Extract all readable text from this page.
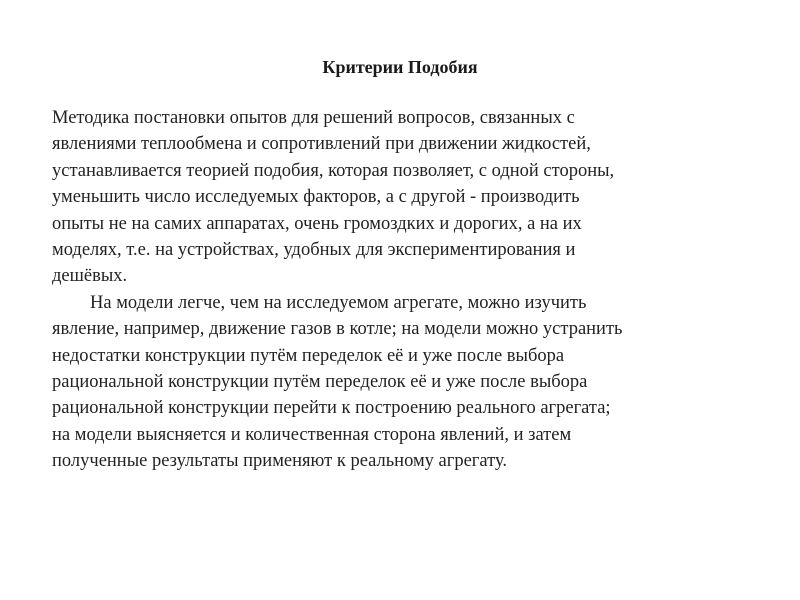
Критерии Подобия
Методика постановки опытов для решений вопросов, связанных с
явлениями теплообмена и сопротивлений при движении жидкостей,
устанавливается теорией подобия, которая позволяет, с одной стороны,
уменьшить число исследуемых факторов, а с другой - производить
опыты не на самих аппаратах, очень громоздких и дорогих, а на их
моделях, т.е. на устройствах, удобных для экспериментирования и
дешёвых.
На модели легче, чем на исследуемом агрегате, можно изучить
явление, например, движение газов в котле; на модели можно устранить
недостатки конструкции путём переделок её и уже после выбора
рациональной конструкции путём переделок её и уже после выбора
рациональной конструкции перейти к построению реального агрегата;
на модели выясняется и количественная сторона явлений, и затем
полученные результаты применяют к реальному агрегату.
